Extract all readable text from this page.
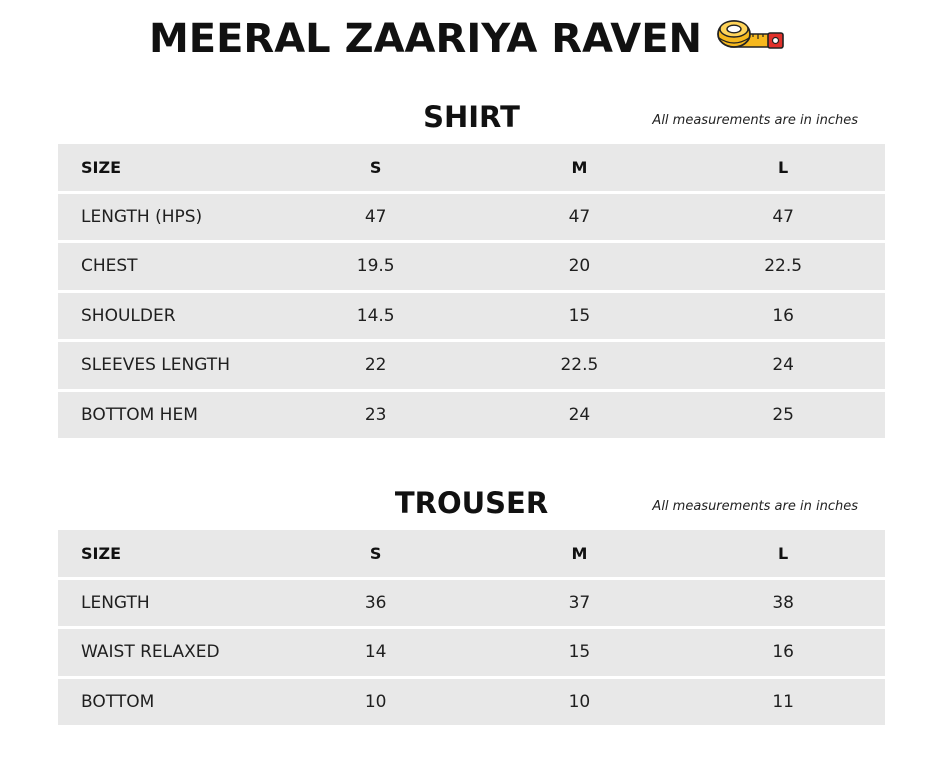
MEERAL ZAARIYA RAVEN
SHIRT	All measurements are in inches
SIZE	S	M	L
LENGTH (HPS)	47	47	47
CHEST	19.5	20	22.5
SHOULDER	14.5	15	16
SLEEVES LENGTH	22	22.5	24
BOTTOM HEM	23	24	25
TROUSER	All measurements are in inches
SIZE	S	M	L
LENGTH	36	37	38
WAIST RELAXED	14	15	16
BOTTOM	10	10	11
